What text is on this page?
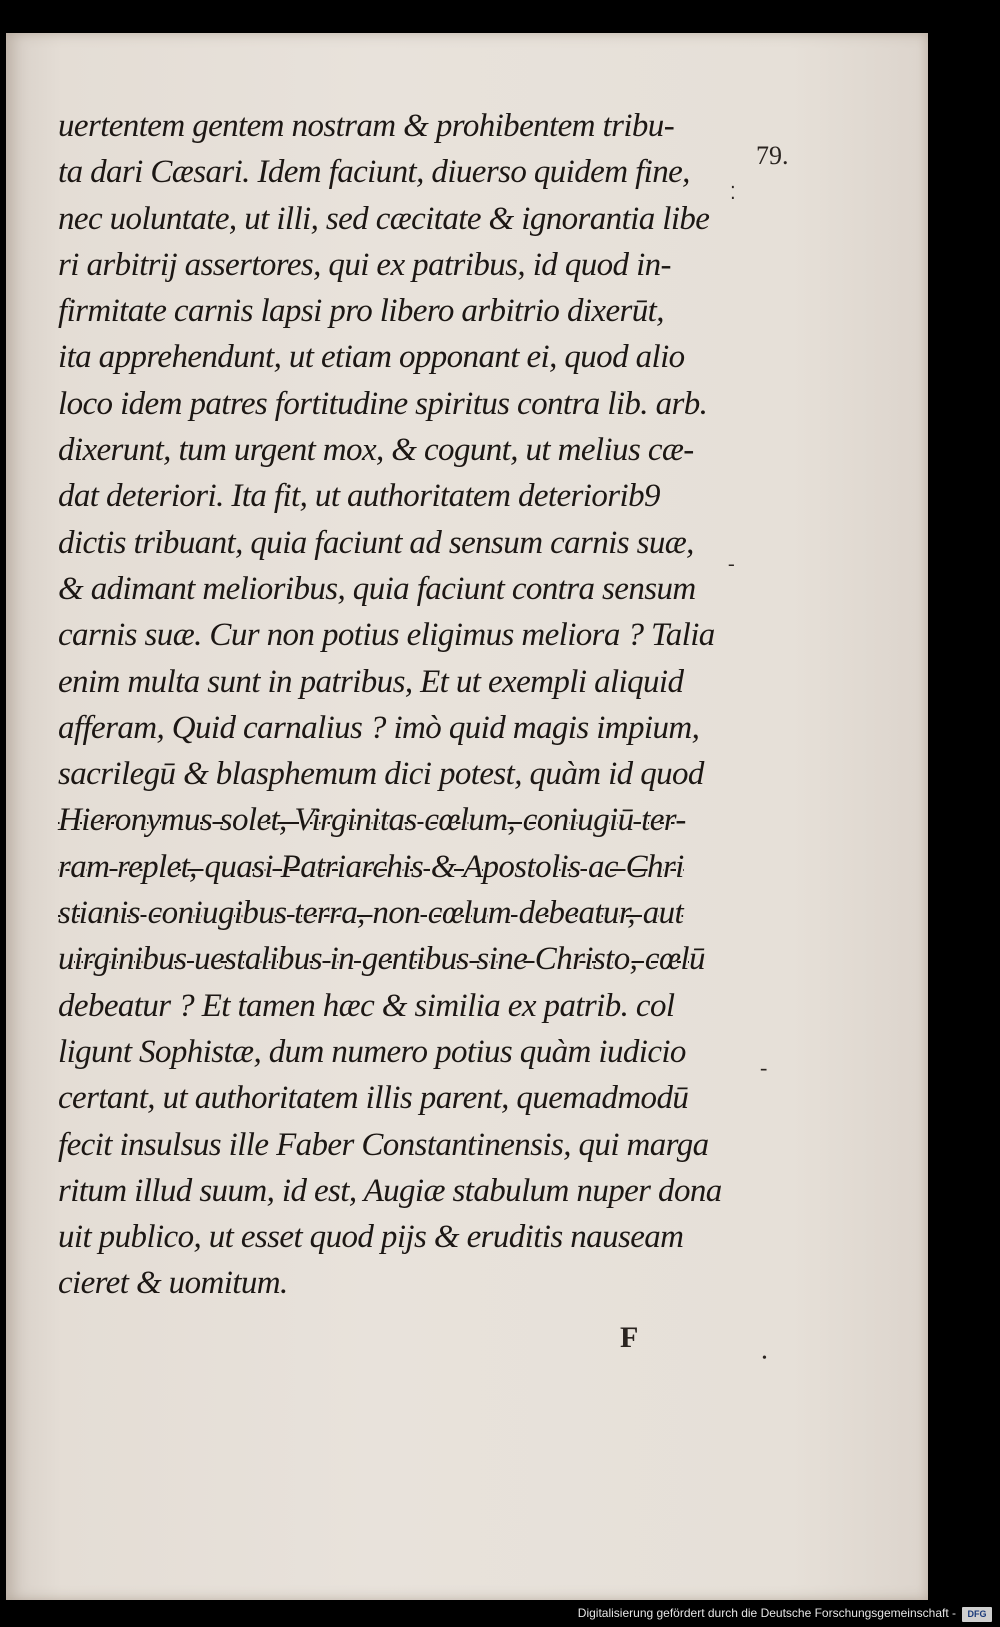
79.
⁚
-
-
•
uertentem gentem nostram & prohibentem tribu-
ta dari Cæsari. Idem faciunt, diuerso quidem fine,
nec uoluntate, ut illi, sed cæcitate & ignorantia libe
ri arbitrij assertores, qui ex patribus, id quod in-
firmitate carnis lapsi pro libero arbitrio dixerūt,
ita apprehendunt, ut etiam opponant ei, quod alio
loco idem patres fortitudine spiritus contra lib. arb.
dixerunt, tum urgent mox, & cogunt, ut melius cæ-
dat deteriori. Ita fit, ut authoritatem deteriorib9
dictis tribuant, quia faciunt ad sensum carnis suæ,
& adimant melioribus, quia faciunt contra sensum
carnis suæ. Cur non potius eligimus meliora ? Talia
enim multa sunt in patribus, Et ut exempli aliquid
afferam, Quid carnalius ? imò quid magis impium,
sacrilegū & blasphemum dici potest, quàm id quod
Hieronymus solet, Virginitas cœlum, coniugiū ter-
ram replet, quasi Patriarchis & Apostolis ac Chri
stianis coniugibus terra, non cœlum debeatur, aut
uirginibus uestalibus in gentibus sine Christo, cœlū
debeatur ? Et tamen hæc & similia ex patrib. col
ligunt Sophistæ, dum numero potius quàm iudicio
certant, ut authoritatem illis parent, quemadmodū
fecit insulsus ille Faber Constantinensis, qui marga
ritum illud suum, id est, Augiæ stabulum nuper dona
uit publico, ut esset quod pijs & eruditis nauseam
cieret & uomitum.
F
Digitalisierung gefördert durch die Deutsche Forschungsgemeinschaft -	DFG
